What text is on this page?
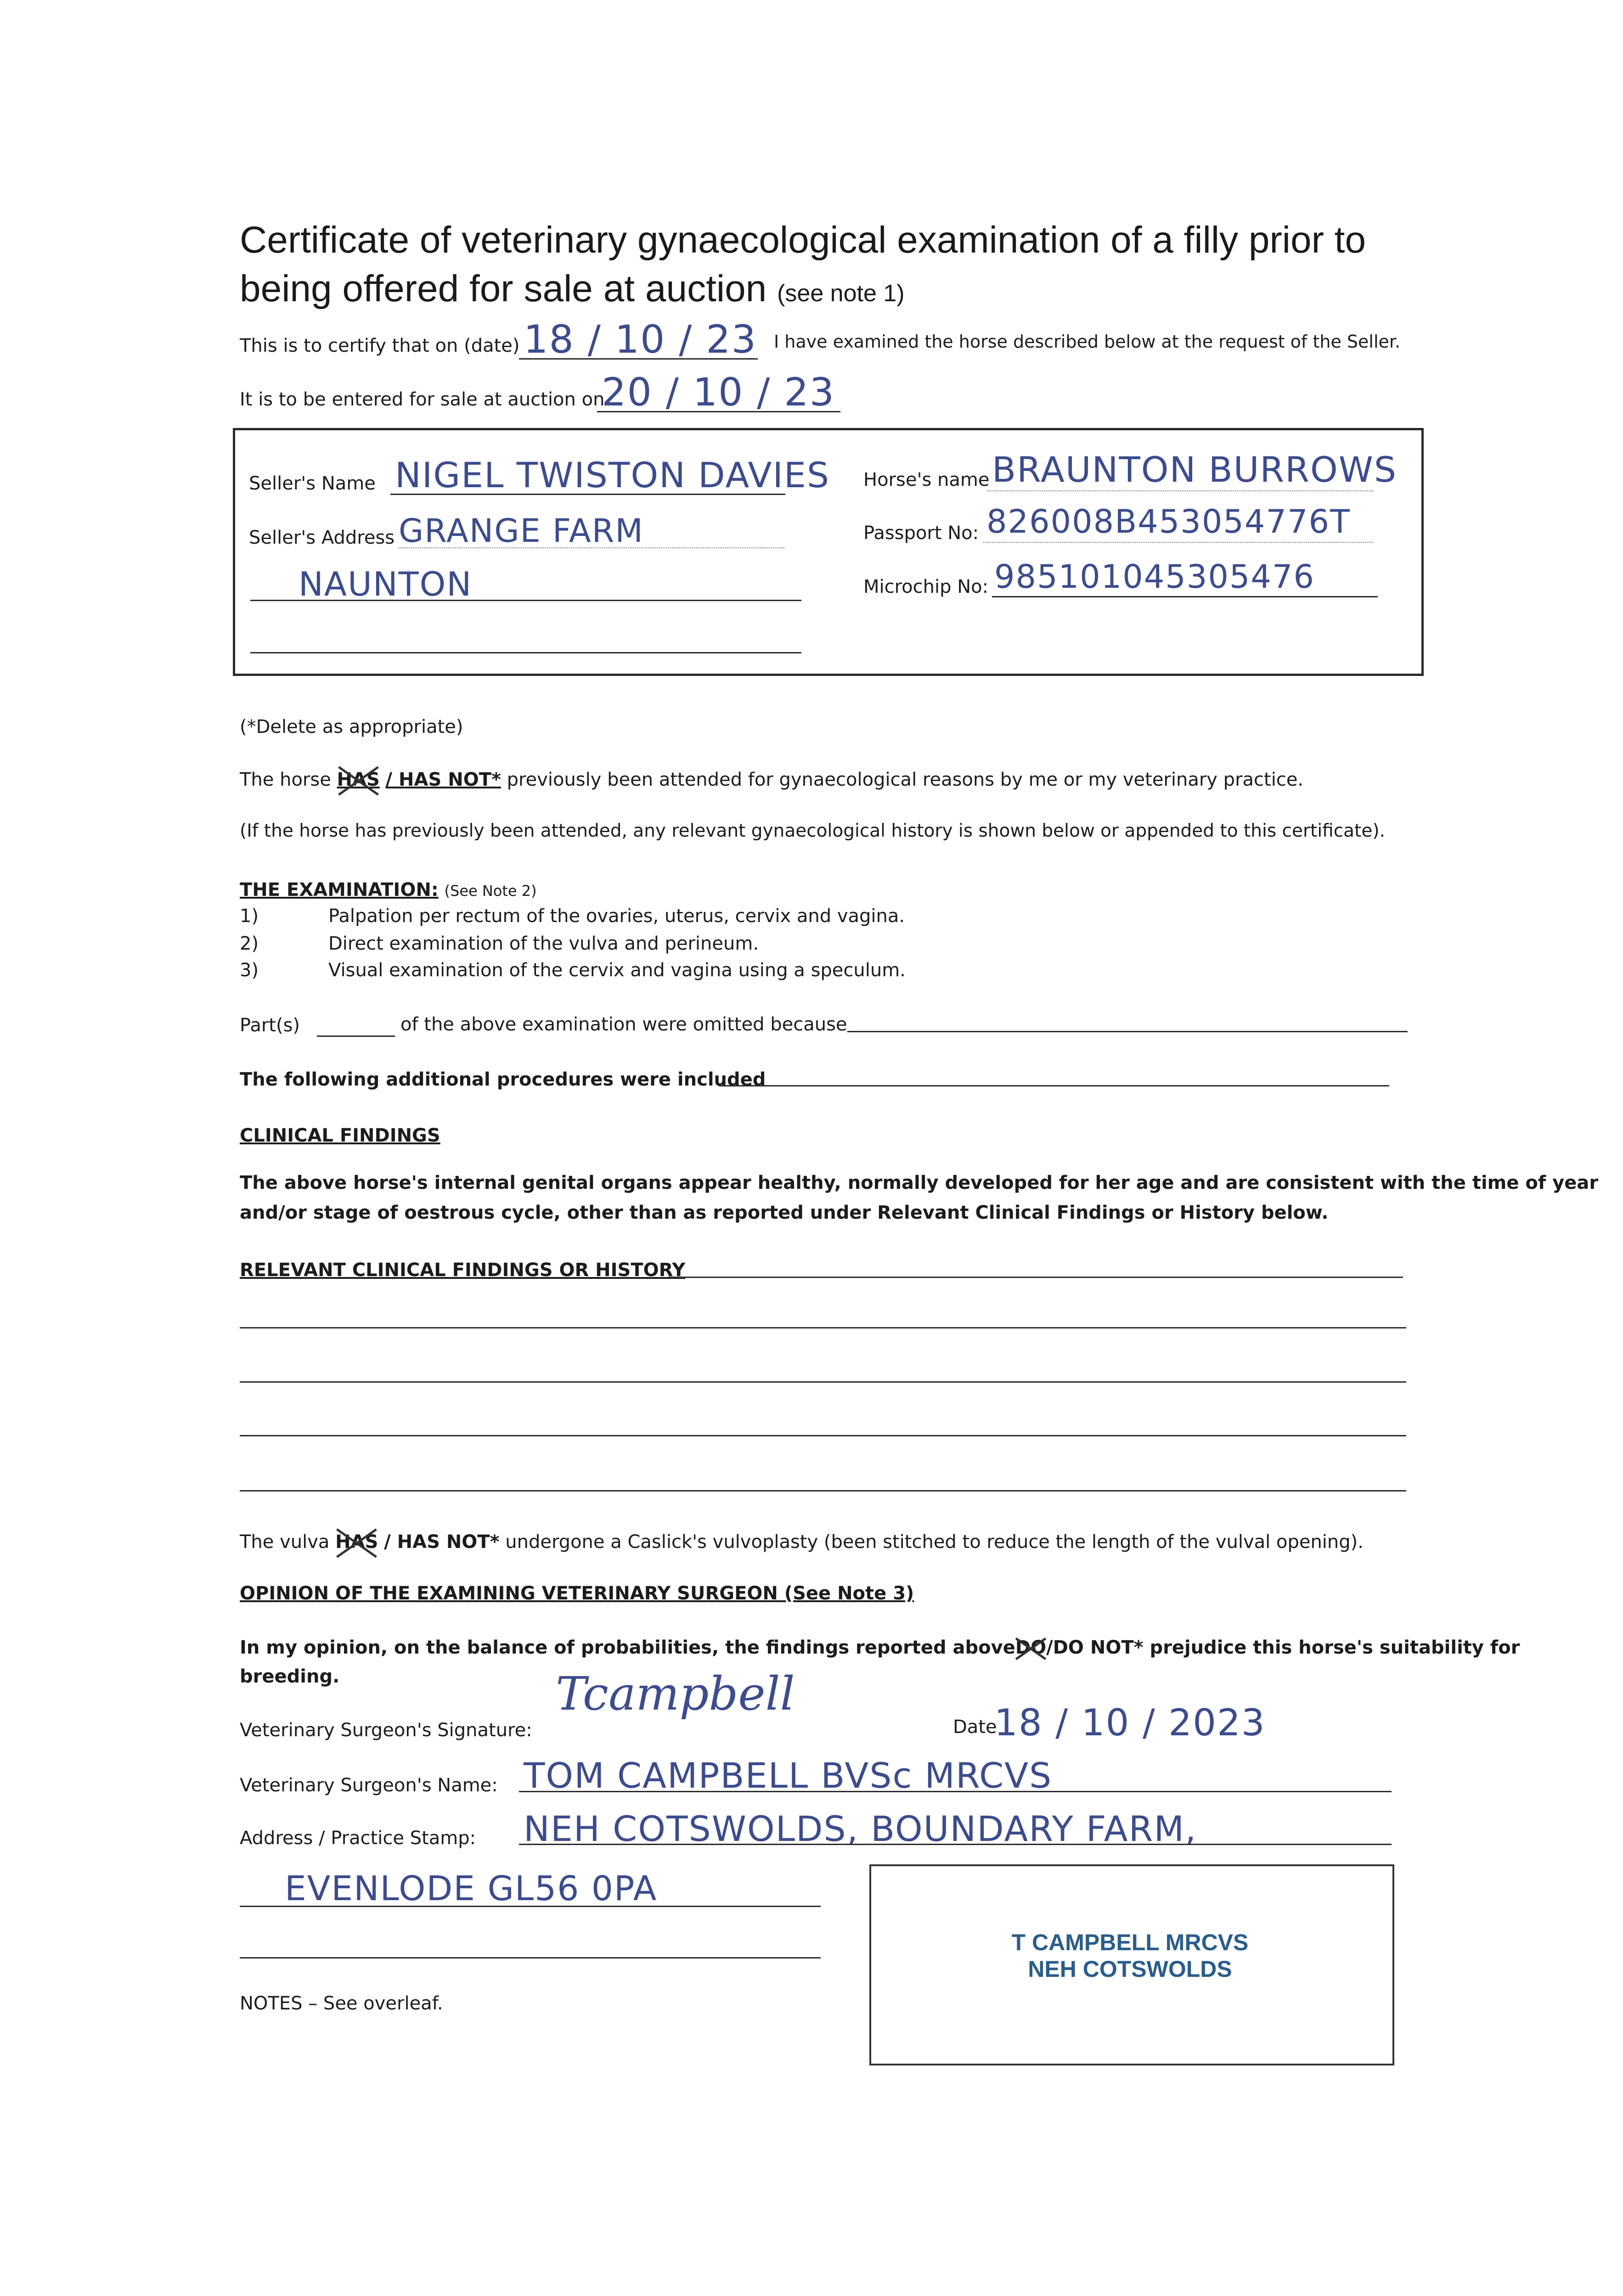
Certificate of veterinary gynaecological examination of a filly prior to
being offered for sale at auction (see note 1)
This is to certify that on (date) 18 / 10 / 23 I have examined the horse described below at the request of the Seller.
It is to be entered for sale at auction on
20 / 10 / 23
Seller's Name NIGEL TWISTON DAVIES
Seller's Address GRANGE FARM
NAUNTON
Horse's name BRAUNTON BURROWS
Passport No: 826008B453054776T
Microchip No: 985101045305476
(*Delete as appropriate)
The horse HAS / HAS NOT* previously been attended for gynaecological reasons by me or my veterinary practice.
(If the horse has previously been attended, any relevant gynaecological history is shown below or appended to this certificate).
THE EXAMINATION: (See Note 2)
1)	Palpation per rectum of the ovaries, uterus, cervix and vagina.
2)	Direct examination of the vulva and perineum.
3)	Visual examination of the cervix and vagina using a speculum.
Part(s)	of the above examination were omitted because
The following additional procedures were included
CLINICAL FINDINGS
The above horse's internal genital organs appear healthy, normally developed for her age and are consistent with the time of year
and/or stage of oestrous cycle, other than as reported under Relevant Clinical Findings or History below.
RELEVANT CLINICAL FINDINGS OR HISTORY
The vulva HAS / HAS NOT* undergone a Caslick's vulvoplasty (been stitched to reduce the length of the vulval opening).
OPINION OF THE EXAMINING VETERINARY SURGEON (See Note 3)
In my opinion, on the balance of probabilities, the findings reported aboveDO/DO NOT* prejudice this horse's suitability for
breeding.
Veterinary Surgeon's Signature:
Tcampbell
Date
18 / 10 / 2023
Veterinary Surgeon's Name: TOM CAMPBELL BVSc MRCVS
Address / Practice Stamp: NEH COTSWOLDS, BOUNDARY FARM,
EVENLODE GL56 0PA
T CAMPBELL MRCVS
NEH COTSWOLDS
NOTES – See overleaf.
